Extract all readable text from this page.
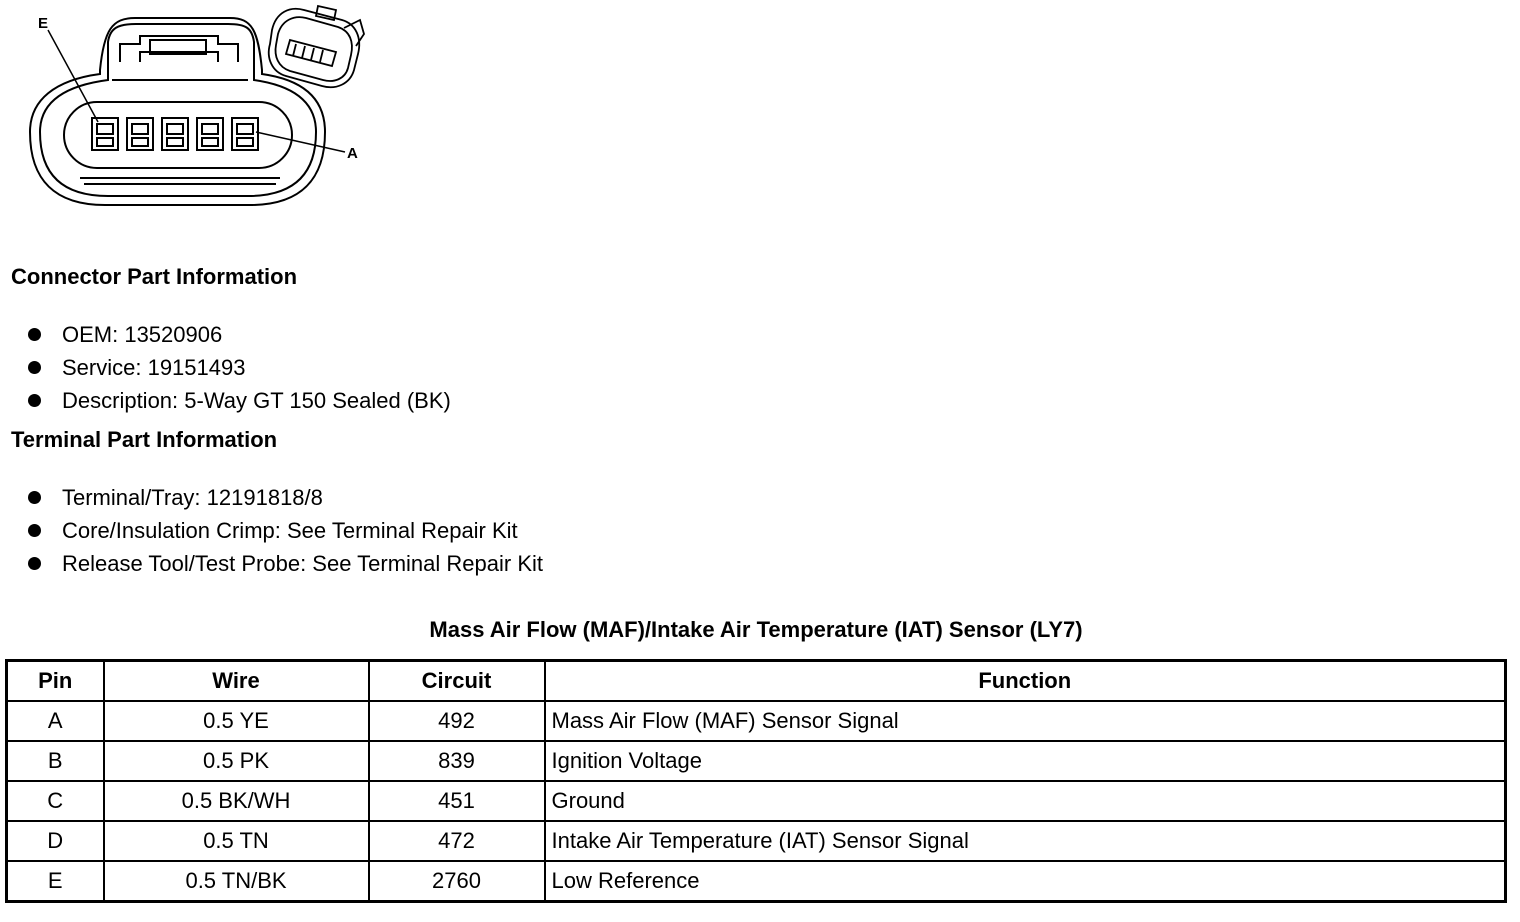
E
A
Connector Part Information
OEM: 13520906
Service: 19151493
Description: 5-Way GT 150 Sealed (BK)
Terminal Part Information
Terminal/Tray: 12191818/8
Core/Insulation Crimp: See Terminal Repair Kit
Release Tool/Test Probe: See Terminal Repair Kit
Mass Air Flow (MAF)/Intake Air Temperature (IAT) Sensor (LY7)
Pin	Wire	Circuit	Function
A	0.5 YE	492	Mass Air Flow (MAF) Sensor Signal
B	0.5 PK	839	Ignition Voltage
C	0.5 BK/WH	451	Ground
D	0.5 TN	472	Intake Air Temperature (IAT) Sensor Signal
E	0.5 TN/BK	2760	Low Reference
